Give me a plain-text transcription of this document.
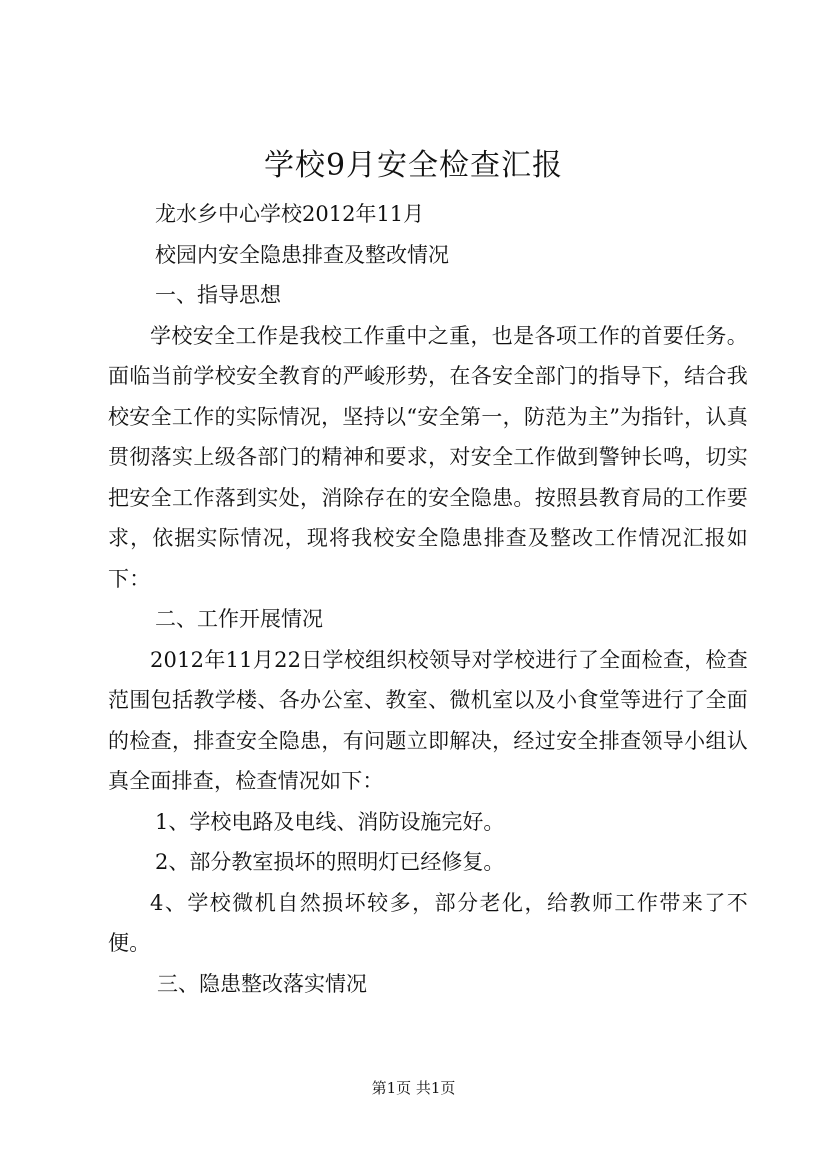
学校9月安全检查汇报

龙水乡中心学校2012年11月

校园内安全隐患排查及整改情况

一、指导思想

学校安全工作是我校工作重中之重，也是各项工作的首要任务。面临当前学校安全教育的严峻形势，在各安全部门的指导下，结合我校安全工作的实际情况，坚持以“安全第一，防范为主”为指针，认真贯彻落实上级各部门的精神和要求，对安全工作做到警钟长鸣，切实把安全工作落到实处，消除存在的安全隐患。按照县教育局的工作要求，依据实际情况，现将我校安全隐患排查及整改工作情况汇报如下：

二、工作开展情况

2012年11月22日学校组织校领导对学校进行了全面检查，检查范围包括教学楼、各办公室、教室、微机室以及小食堂等进行了全面的检查，排查安全隐患，有问题立即解决，经过安全排查领导小组认真全面排查，检查情况如下：

1、学校电路及电线、消防设施完好。

2、部分教室损坏的照明灯已经修复。

4、学校微机自然损坏较多，部分老化，给教师工作带来了不便。

三、隐患整改落实情况

第1页 共1页
